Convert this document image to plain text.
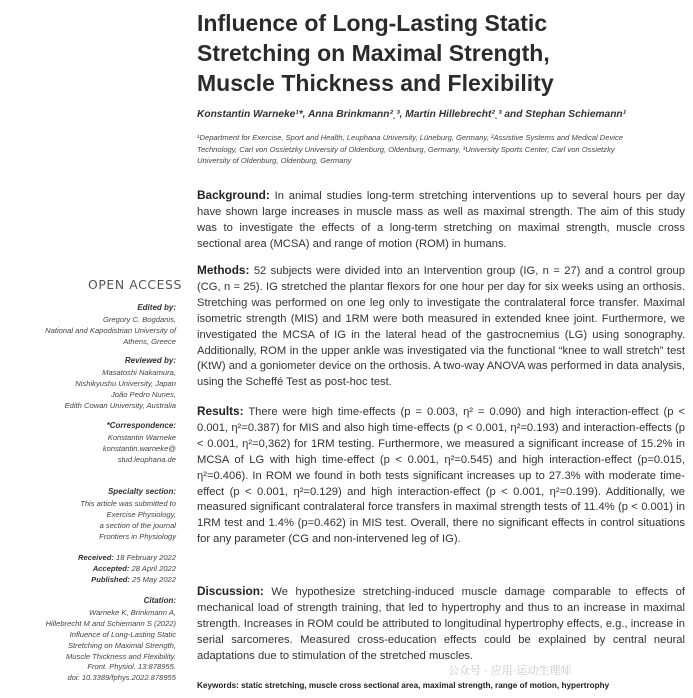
Influence of Long-Lasting Static
Stretching on Maximal Strength,
Muscle Thickness and Flexibility
Konstantin Warneke¹*, Anna Brinkmann²ˎ³, Martin Hillebrecht²ˎ³ and Stephan Schiemann¹
¹Department for Exercise, Sport and Health, Leuphana University, Lüneburg, Germany, ²Assistive Systems and Medical Device
Technology, Carl von Ossietzky University of Oldenburg, Oldenburg, Germany, ³University Sports Center, Carl von Ossietzky
University of Oldenburg, Oldenburg, Germany
Background: In animal studies long-term stretching interventions up to several hours per day have shown large increases in muscle mass as well as maximal strength. The aim of this study was to investigate the effects of a long-term stretching on maximal strength, muscle cross sectional area (MCSA) and range of motion (ROM) in humans.
Methods: 52 subjects were divided into an Intervention group (IG, n = 27) and a control group (CG, n = 25). IG stretched the plantar flexors for one hour per day for six weeks using an orthosis. Stretching was performed on one leg only to investigate the contralateral force transfer. Maximal isometric strength (MIS) and 1RM were both measured in extended knee joint. Furthermore, we investigated the MCSA of IG in the lateral head of the gastrocnemius (LG) using sonography. Additionally, ROM in the upper ankle was investigated via the functional “knee to wall stretch” test (KtW) and a goniometer device on the orthosis. A two-way ANOVA was performed in data analysis, using the Scheffé Test as post-hoc test.
Results: There were high time-effects (p = 0.003, η² = 0.090) and high interaction-effect (p < 0.001, η²=0.387) for MIS and also high time-effects (p < 0.001, η²=0.193) and interaction-effects (p < 0.001, η²=0,362) for 1RM testing. Furthermore, we measured a significant increase of 15.2% in MCSA of LG with high time-effect (p < 0.001, η²=0.545) and high interaction-effect (p=0.015, η²=0.406). In ROM we found in both tests significant increases up to 27.3% with moderate time-effect (p < 0.001, η²=0.129) and high interaction-effect (p < 0.001, η²=0.199). Additionally, we measured significant contralateral force transfers in maximal strength tests of 11.4% (p < 0.001) in 1RM test and 1.4% (p=0.462) in MIS test. Overall, there no significant effects in control situations for any parameter (CG and non-intervened leg of IG).
Discussion: We hypothesize stretching-induced muscle damage comparable to effects of mechanical load of strength training, that led to hypertrophy and thus to an increase in maximal strength. Increases in ROM could be attributed to longitudinal hypertrophy effects, e.g., increase in serial sarcomeres. Measured cross-education effects could be explained by central neural adaptations due to stimulation of the stretched muscles.
Keywords: static stretching, muscle cross sectional area, maximal strength, range of motion, hypertrophy
OPEN ACCESS
Edited by:
Gregory C. Bogdanis,
National and Kapodistrian University of
Athens, Greece
Reviewed by:
Masatoshi Nakamura,
Nishikyushu University, Japan
João Pedro Nunes,
Edith Cowan University, Australia
*Correspondence:
Konstantin Warneke
konstantin.warneke@
stud.leuphana.de
Specialty section:
This article was submitted to
Exercise Physiology,
a section of the journal
Frontiers in Physiology
Received: 18 February 2022
Accepted: 28 April 2022
Published: 25 May 2022
Citation:
Warneke K, Brinkmann A,
Hillebrecht M and Schiemann S (2022)
Influence of Long-Lasting Static
Stretching on Maximal Strength,
Muscle Thickness and Flexibility.
Front. Physiol. 13:878955.
doi: 10.3389/fphys.2022.878955
公众号 · 应用·运动生理师
